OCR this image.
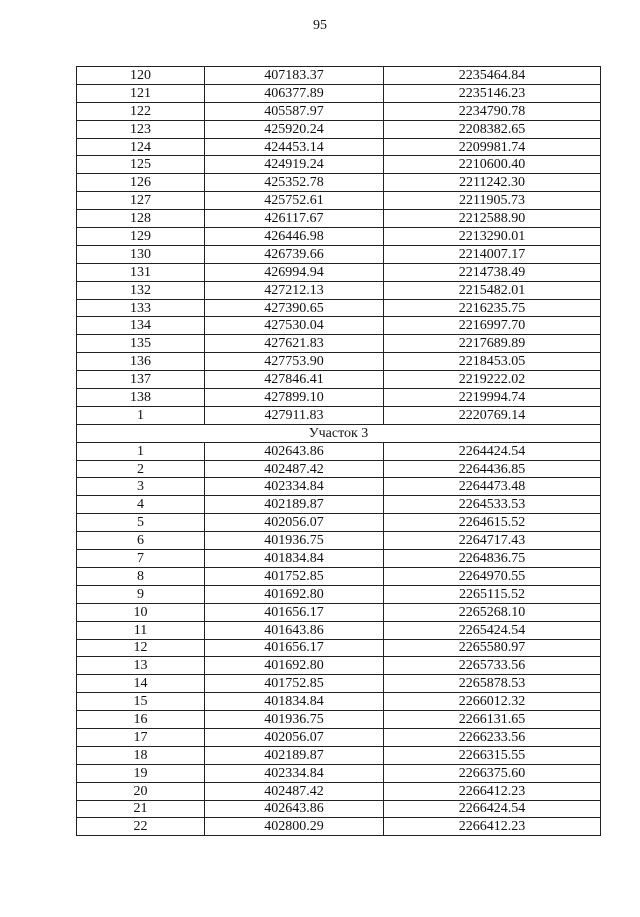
95
120	407183.37	2235464.84
121	406377.89	2235146.23
122	405587.97	2234790.78
123	425920.24	2208382.65
124	424453.14	2209981.74
125	424919.24	2210600.40
126	425352.78	2211242.30
127	425752.61	2211905.73
128	426117.67	2212588.90
129	426446.98	2213290.01
130	426739.66	2214007.17
131	426994.94	2214738.49
132	427212.13	2215482.01
133	427390.65	2216235.75
134	427530.04	2216997.70
135	427621.83	2217689.89
136	427753.90	2218453.05
137	427846.41	2219222.02
138	427899.10	2219994.74
1	427911.83	2220769.14
Участок 3		
1	402643.86	2264424.54
2	402487.42	2264436.85
3	402334.84	2264473.48
4	402189.87	2264533.53
5	402056.07	2264615.52
6	401936.75	2264717.43
7	401834.84	2264836.75
8	401752.85	2264970.55
9	401692.80	2265115.52
10	401656.17	2265268.10
11	401643.86	2265424.54
12	401656.17	2265580.97
13	401692.80	2265733.56
14	401752.85	2265878.53
15	401834.84	2266012.32
16	401936.75	2266131.65
17	402056.07	2266233.56
18	402189.87	2266315.55
19	402334.84	2266375.60
20	402487.42	2266412.23
21	402643.86	2266424.54
22	402800.29	2266412.23
